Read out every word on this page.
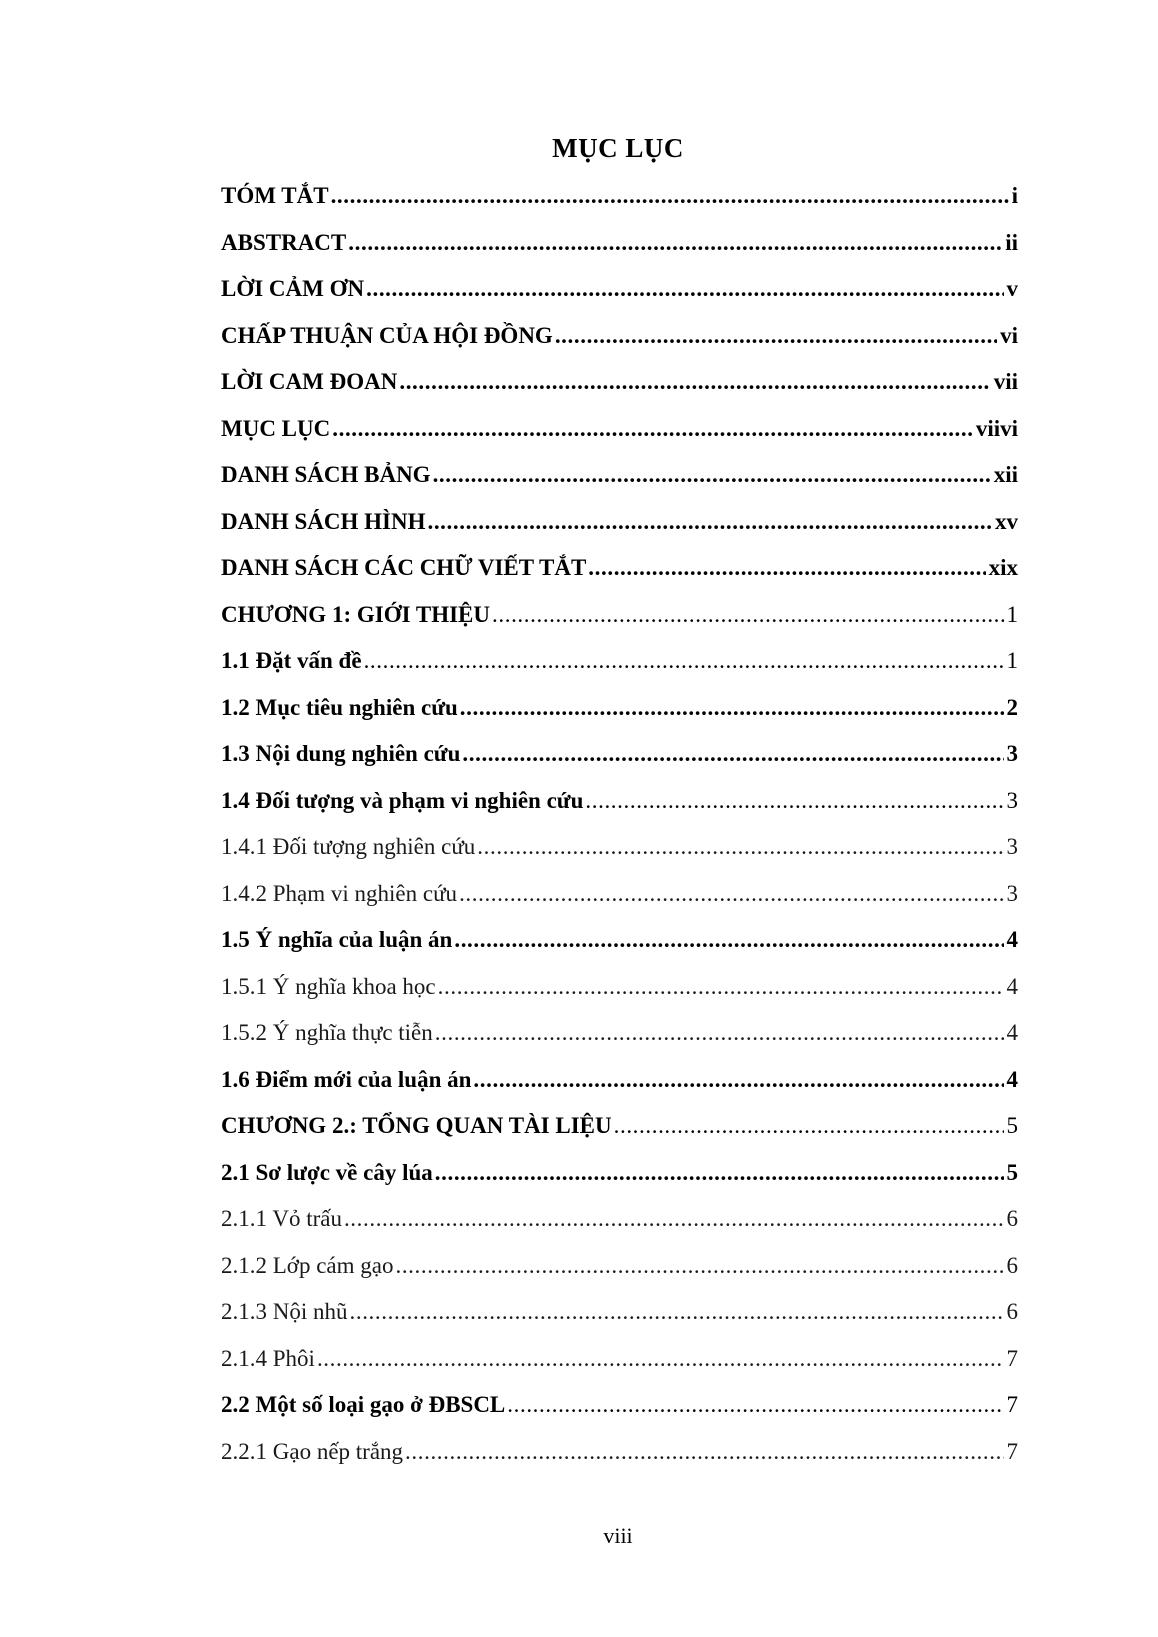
MỤC LỤC
TÓM TẮT .....	i
ABSTRACT .....	ii
LỜI CẢM ƠN .....	v
CHẤP THUẬN CỦA HỘI ĐỒNG .....	vi
LỜI CAM ĐOAN .....	vii
MỤC LỤC .....	viivi
DANH SÁCH BẢNG .....	xii
DANH SÁCH HÌNH .....	xv
DANH SÁCH CÁC CHỮ VIẾT TẮT .....	xix
CHƯƠNG 1: GIỚI THIỆU .....	1
1.1 Đặt vấn đề .....	1
1.2 Mục tiêu nghiên cứu .....	2
1.3 Nội dung nghiên cứu .....	3
1.4 Đối tượng và phạm vi nghiên cứu .....	3
1.4.1 Đối tượng nghiên cứu .....	3
1.4.2 Phạm vi nghiên cứu .....	3
1.5 Ý nghĩa của luận án .....	4
1.5.1 Ý nghĩa khoa học .....	4
1.5.2 Ý nghĩa thực tiễn .....	4
1.6 Điểm mới của luận án .....	4
CHƯƠNG 2.: TỔNG QUAN TÀI LIỆU .....	5
2.1 Sơ lược về cây lúa .....	5
2.1.1 Vỏ trấu .....	6
2.1.2 Lớp cám gạo .....	6
2.1.3 Nội nhũ .....	6
2.1.4 Phôi .....	7
2.2 Một số loại gạo ở ĐBSCL .....	7
2.2.1 Gạo nếp trắng .....	7
viii
